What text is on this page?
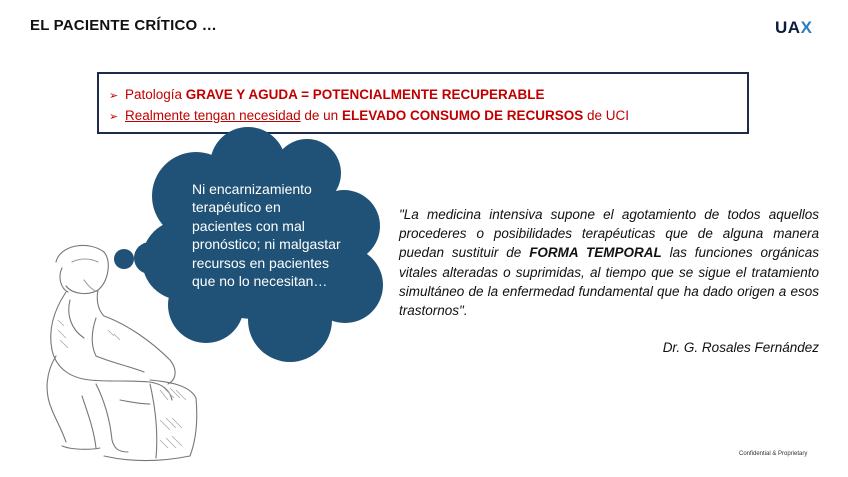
EL PACIENTE CRÍTICO …	UAX
➢ Patología GRAVE Y AGUDA = POTENCIALMENTE RECUPERABLE
➢ Realmente tengan necesidad de un ELEVADO CONSUMO DE RECURSOS de UCI
Ni encarnizamiento terapéutico en pacientes con mal pronóstico; ni malgastar recursos en pacientes que no lo necesitan…
"La medicina intensiva supone el agotamiento de todos aquellos procederes o posibilidades terapéuticas que de alguna manera puedan sustituir de FORMA TEMPORAL las funciones orgánicas vitales alteradas o suprimidas, al tiempo que se sigue el tratamiento simultáneo de la enfermedad fundamental que ha dado origen a esos trastornos".
Dr. G. Rosales Fernández
Confidential & Proprietary
